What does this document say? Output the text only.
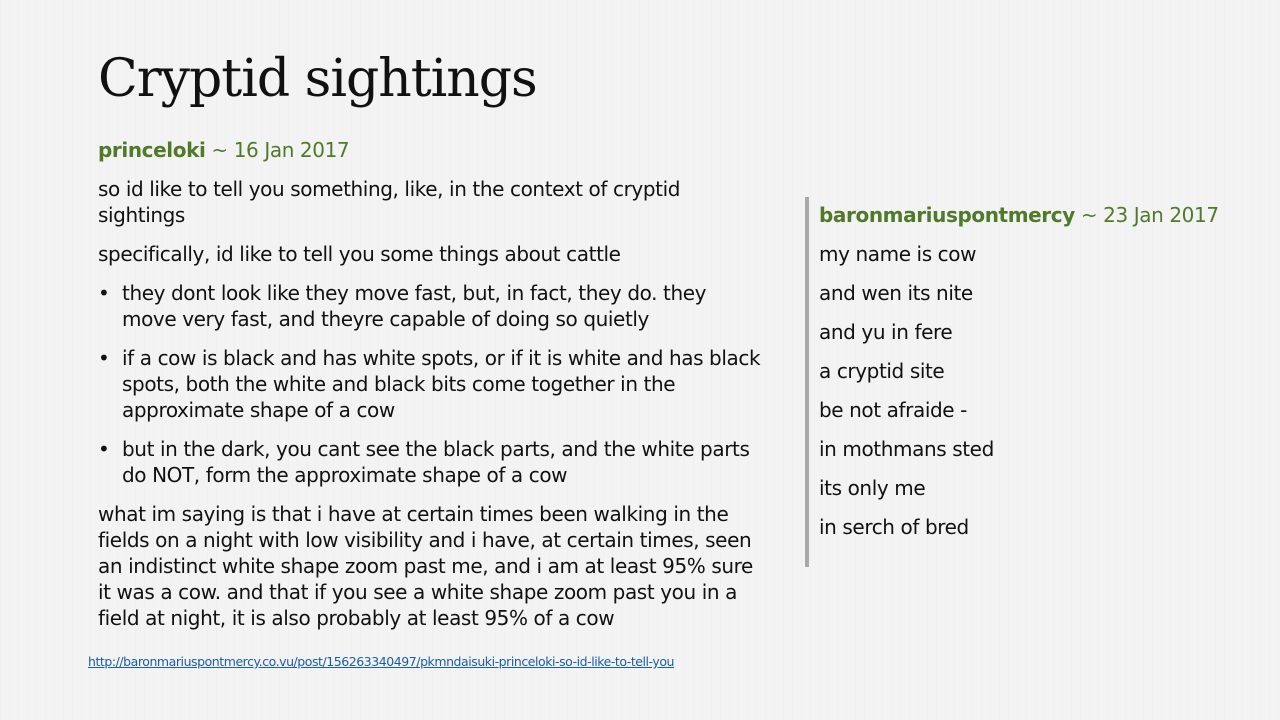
Cryptid sightings
princeloki ~ 16 Jan 2017

so id like to tell you something, like, in the context of cryptid sightings

specifically, id like to tell you some things about cattle

• they dont look like they move fast, but, in fact, they do. they move very fast, and theyre capable of doing so quietly
• if a cow is black and has white spots, or if it is white and has black spots, both the white and black bits come together in the approximate shape of a cow
• but in the dark, you cant see the black parts, and the white parts do NOT, form the approximate shape of a cow

what im saying is that i have at certain times been walking in the fields on a night with low visibility and i have, at certain times, seen an indistinct white shape zoom past me, and i am at least 95% sure it was a cow. and that if you see a white shape zoom past you in a field at night, it is also probably at least 95% of a cow

baronmariuspontmercy ~ 23 Jan 2017
my name is cow
and wen its nite
and yu in fere
a cryptid site
be not afraide -
in mothmans sted
its only me
in serch of bred
http://baronmariuspontmercy.co.vu/post/156263340497/pkmndaisuki-princeloki-so-id-like-to-tell-you
